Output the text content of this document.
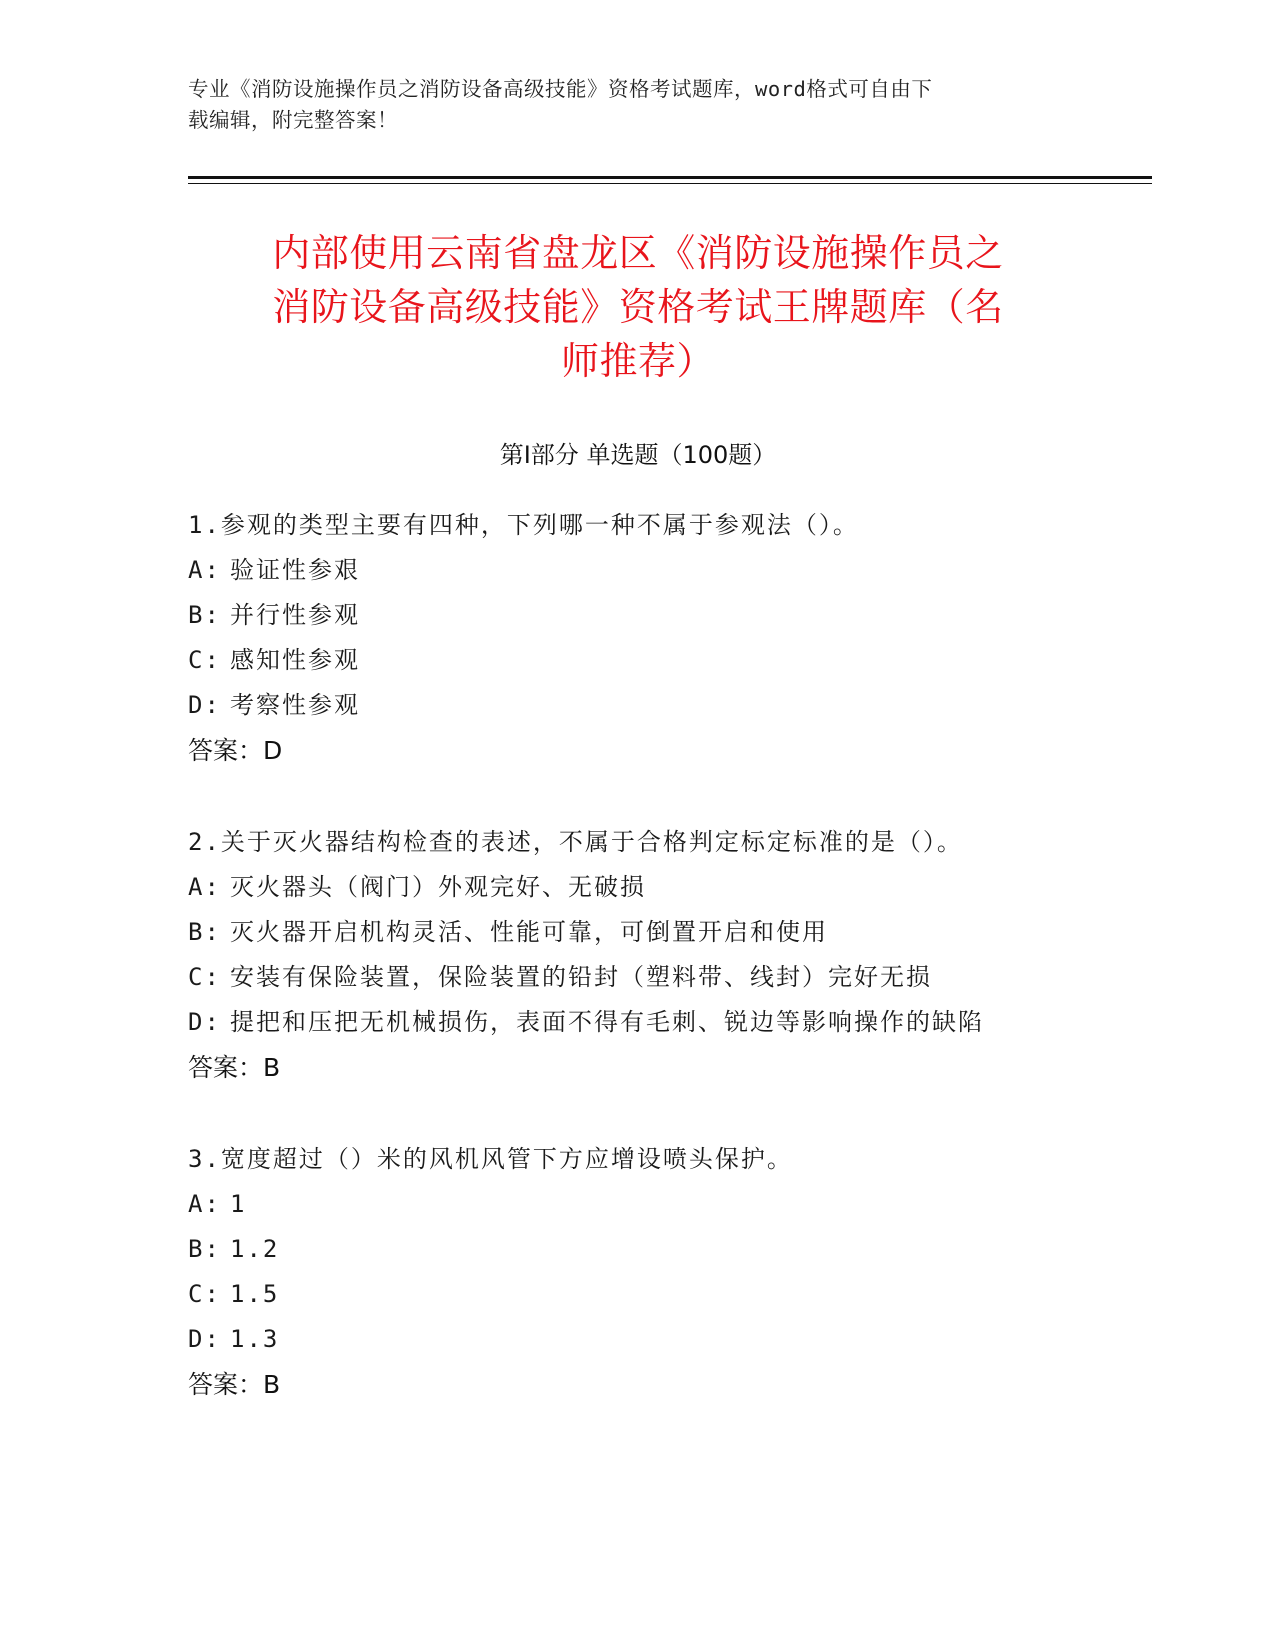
专业《消防设施操作员之消防设备高级技能》资格考试题库，word格式可自由下
载编辑，附完整答案！
内部使用云南省盘龙区《消防设施操作员之
消防设备高级技能》资格考试王牌题库（名
师推荐）
第Ⅰ部分 单选题（100题）
1.参观的类型主要有四种，下列哪一种不属于参观法（）。
A: 验证性参艰
B: 并行性参观
C: 感知性参观
D: 考察性参观
答案：D
2.关于灭火器结构检查的表述，不属于合格判定标定标准的是（）。
A: 灭火器头（阀门）外观完好、无破损
B: 灭火器开启机构灵活、性能可靠，可倒置开启和使用
C: 安装有保险装置，保险装置的铅封（塑料带、线封）完好无损
D: 提把和压把无机械损伤，表面不得有毛刺、锐边等影响操作的缺陷
答案：B
3.宽度超过（）米的风机风管下方应增设喷头保护。
A: 1
B: 1.2
C: 1.5
D: 1.3
答案：B
